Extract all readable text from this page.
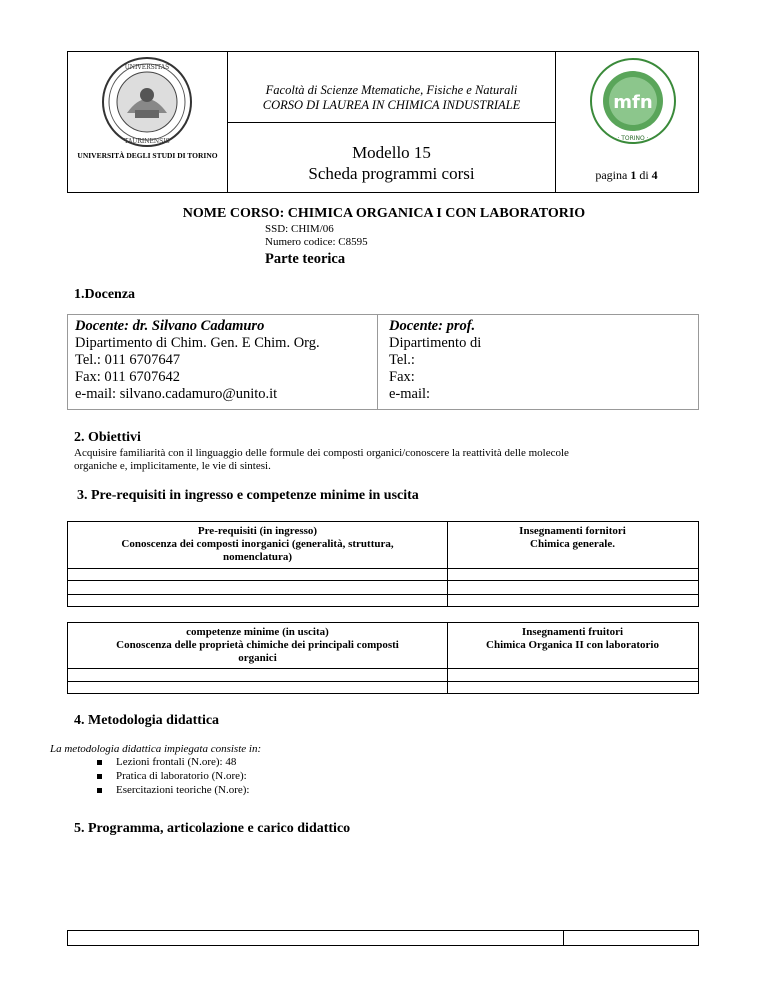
UNIVERSITAS
TAURINENSIS
UNIVERSITÀ DEGLI STUDI DI TORINO
mfn
· TORINO ·
Facoltà di Scienze Mtematiche, Fisiche e Naturali
CORSO DI LAUREA IN CHIMICA INDUSTRIALE
Modello 15
Scheda programmi corsi	pagina 1 di 4
NOME CORSO: CHIMICA ORGANICA I CON LABORATORIO
SSD: CHIM/06
Numero codice: C8595
Parte teorica
1.Docenza
Docente: dr. Silvano Cadamuro
Dipartimento di Chim. Gen. E Chim. Org.
Tel.: 011 6707647
Fax: 011 6707642
e-mail: silvano.cadamuro@unito.it
Docente: prof.
Dipartimento di
Tel.:
Fax:
e-mail:
2. Obiettivi
Acquisire familiarità con il linguaggio delle formule dei composti organici/conoscere la reattività delle molecole
organiche e, implicitamente, le vie di sintesi.
3. Pre-requisiti in ingresso e competenze minime in uscita
Pre-requisiti (in ingresso)
Conoscenza dei composti inorganici (generalità, struttura,
nomenclatura)
Insegnamenti fornitori
Chimica generale.
competenze minime (in uscita)
Conoscenza delle proprietà chimiche dei principali composti
organici
Insegnamenti fruitori
Chimica Organica II con laboratorio
4. Metodologia didattica
La metodologia didattica impiegata consiste in:
Lezioni frontali (N.ore): 48
Pratica di laboratorio (N.ore):
Esercitazioni teoriche (N.ore):
5. Programma, articolazione e carico didattico
